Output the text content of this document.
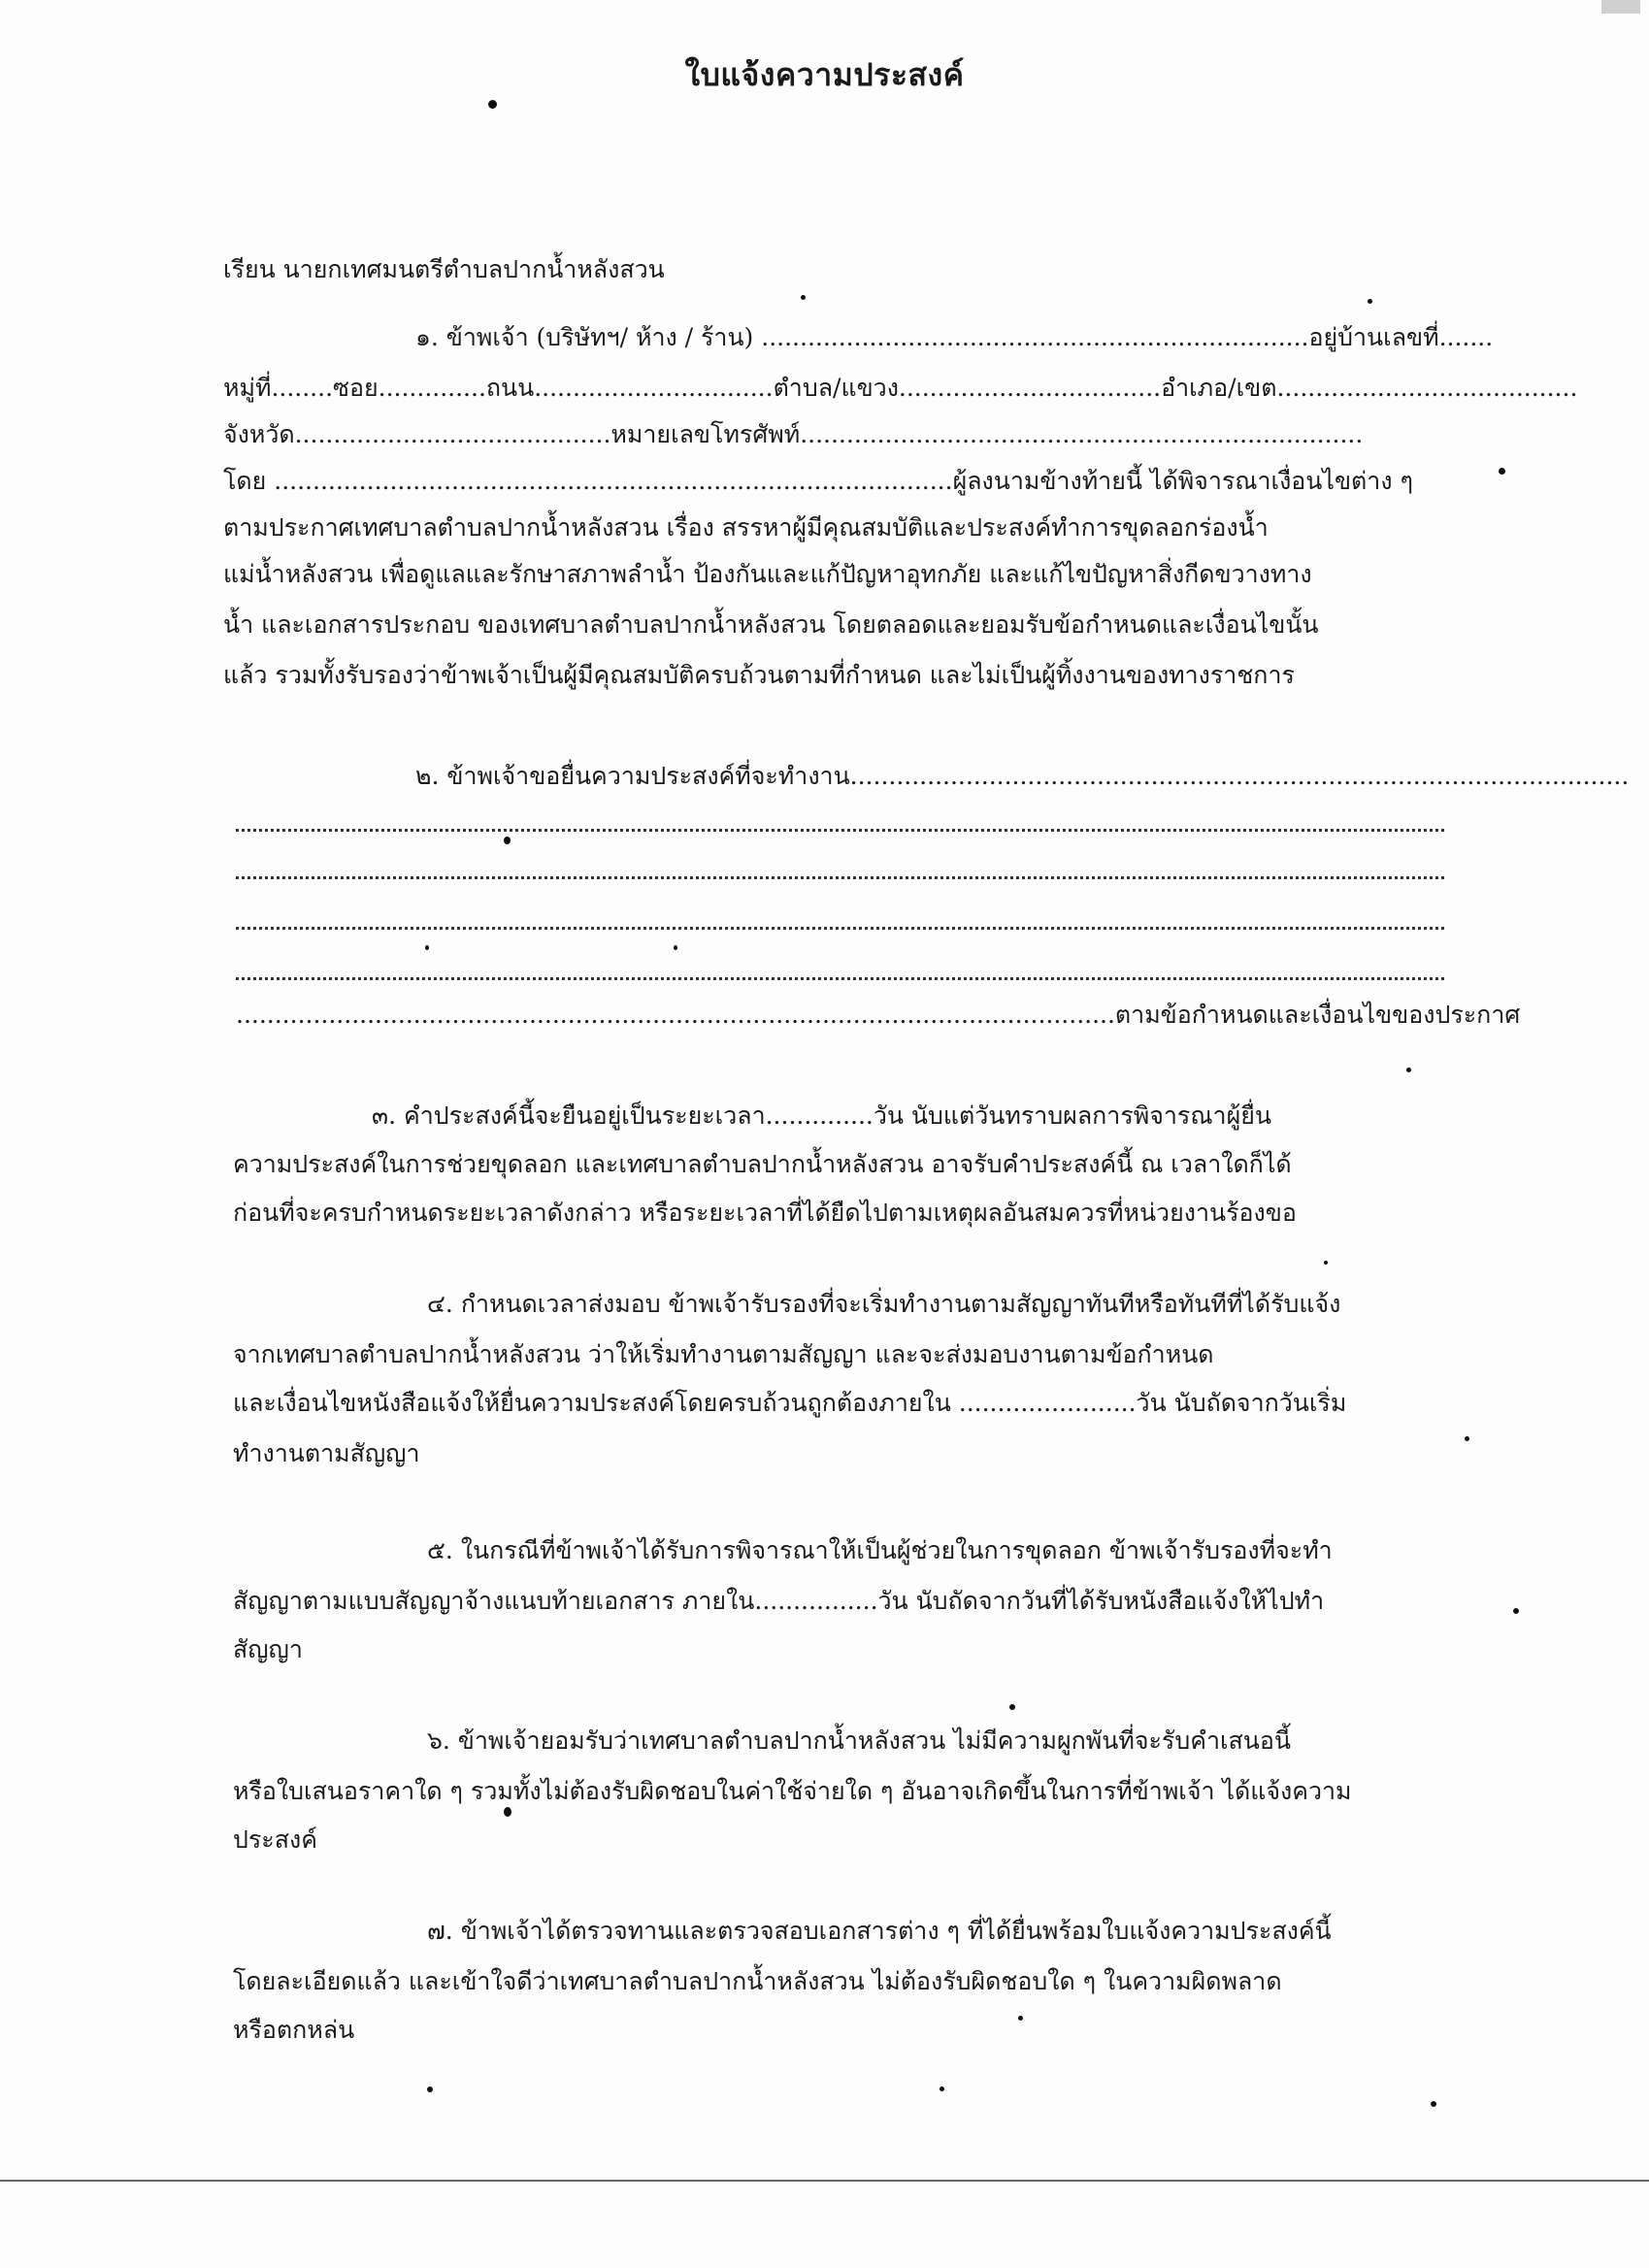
ใบแจ้งความประสงค์
เรียน นายกเทศมนตรีตำบลปากน้ำหลังสวน
๑. ข้าพเจ้า (บริษัทฯ/ ห้าง / ร้าน) .......................................................................อยู่บ้านเลขที่.......
หมู่ที่........ซอย..............ถนน...............................ตำบล/แขวง..................................อำเภอ/เขต.......................................
จังหวัด.........................................หมายเลขโทรศัพท์.........................................................................
โดย ........................................................................................ผู้ลงนามข้างท้ายนี้ ได้พิจารณาเงื่อนไขต่าง ๆ
ตามประกาศเทศบาลตำบลปากน้ำหลังสวน เรื่อง สรรหาผู้มีคุณสมบัติและประสงค์ทำการขุดลอกร่องน้ำ
แม่น้ำหลังสวน เพื่อดูแลและรักษาสภาพลำน้ำ ป้องกันและแก้ปัญหาอุทกภัย และแก้ไขปัญหาสิ่งกีดขวางทาง
น้ำ และเอกสารประกอบ ของเทศบาลตำบลปากน้ำหลังสวน โดยตลอดและยอมรับข้อกำหนดและเงื่อนไขนั้น
แล้ว รวมทั้งรับรองว่าข้าพเจ้าเป็นผู้มีคุณสมบัติครบถ้วนตามที่กำหนด และไม่เป็นผู้ทิ้งงานของทางราชการ
๒. ข้าพเจ้าขอยื่นความประสงค์ที่จะทำงาน.....................................................................................................
..................................................................................................................ตามข้อกำหนดและเงื่อนไขของประกาศ
๓. คำประสงค์นี้จะยืนอยู่เป็นระยะเวลา..............วัน นับแต่วันทราบผลการพิจารณาผู้ยื่น
ความประสงค์ในการช่วยขุดลอก และเทศบาลตำบลปากน้ำหลังสวน อาจรับคำประสงค์นี้ ณ เวลาใดก็ได้
ก่อนที่จะครบกำหนดระยะเวลาดังกล่าว หรือระยะเวลาที่ได้ยืดไปตามเหตุผลอันสมควรที่หน่วยงานร้องขอ
๔. กำหนดเวลาส่งมอบ ข้าพเจ้ารับรองที่จะเริ่มทำงานตามสัญญาทันทีหรือทันทีที่ได้รับแจ้ง
จากเทศบาลตำบลปากน้ำหลังสวน ว่าให้เริ่มทำงานตามสัญญา และจะส่งมอบงานตามข้อกำหนด
และเงื่อนไขหนังสือแจ้งให้ยื่นความประสงค์โดยครบถ้วนถูกต้องภายใน .......................วัน นับถัดจากวันเริ่ม
ทำงานตามสัญญา
๕. ในกรณีที่ข้าพเจ้าได้รับการพิจารณาให้เป็นผู้ช่วยในการขุดลอก ข้าพเจ้ารับรองที่จะทำ
สัญญาตามแบบสัญญาจ้างแนบท้ายเอกสาร ภายใน................วัน นับถัดจากวันที่ได้รับหนังสือแจ้งให้ไปทำ
สัญญา
๖. ข้าพเจ้ายอมรับว่าเทศบาลตำบลปากน้ำหลังสวน ไม่มีความผูกพันที่จะรับคำเสนอนี้
หรือใบเสนอราคาใด ๆ รวมทั้งไม่ต้องรับผิดชอบในค่าใช้จ่ายใด ๆ อันอาจเกิดขึ้นในการที่ข้าพเจ้า ได้แจ้งความ
ประสงค์
๗. ข้าพเจ้าได้ตรวจทานและตรวจสอบเอกสารต่าง ๆ ที่ได้ยื่นพร้อมใบแจ้งความประสงค์นี้
โดยละเอียดแล้ว และเข้าใจดีว่าเทศบาลตำบลปากน้ำหลังสวน ไม่ต้องรับผิดชอบใด ๆ ในความผิดพลาด
หรือตกหล่น
